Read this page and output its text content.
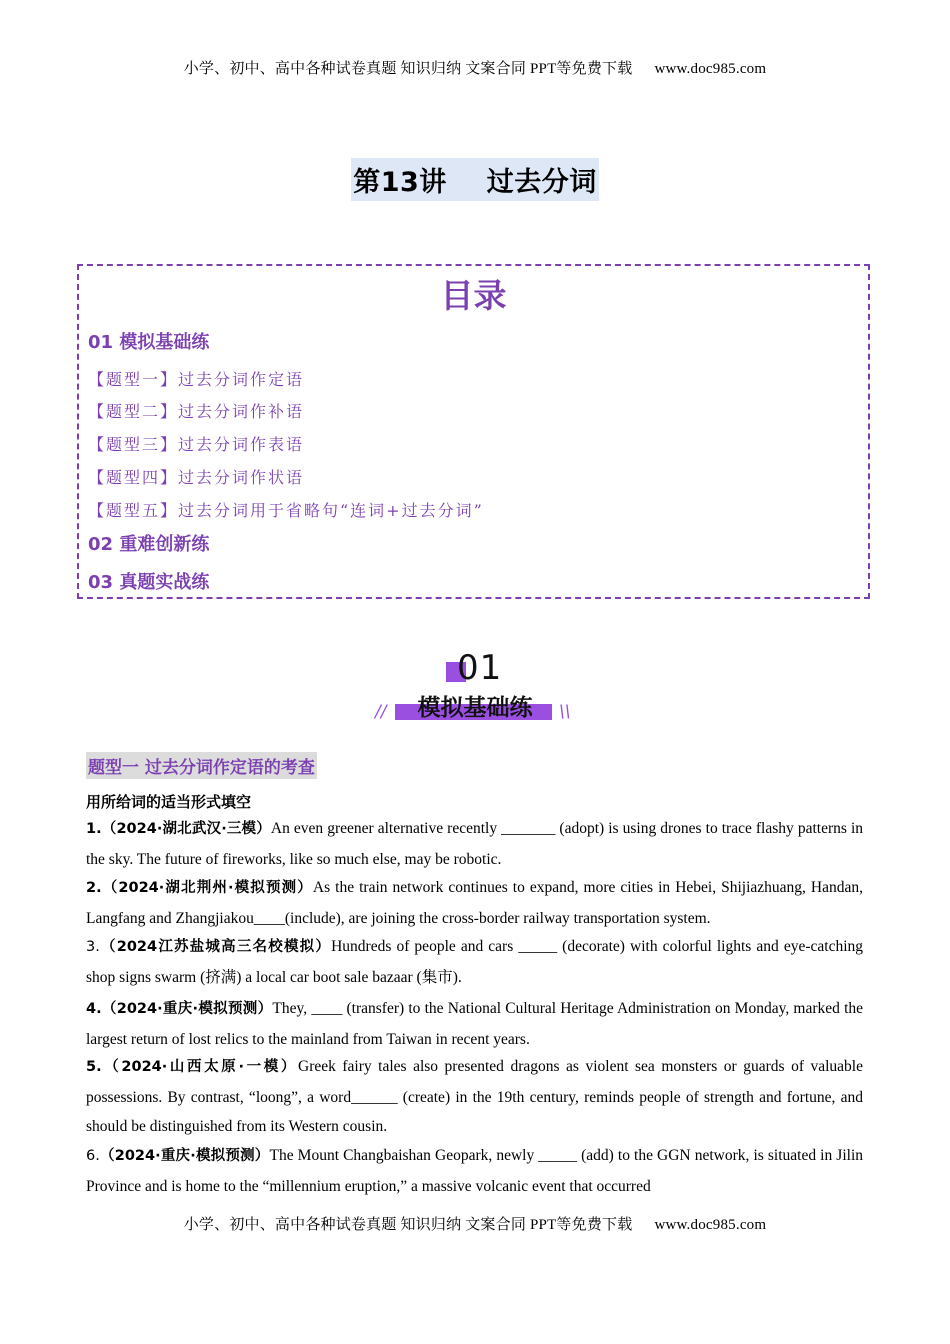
小学、初中、高中各种试卷真题 知识归纳 文案合同 PPT等免费下载 www.doc985.com
第13讲 过去分词
目录
01 模拟基础练
【题型一】过去分词作定语
【题型二】过去分词作补语
【题型三】过去分词作表语
【题型四】过去分词作状语
【题型五】过去分词用于省略句“连词+过去分词”
02 重难创新练
03 真题实战练
01
模拟基础练
//	\\
题型一 过去分词作定语的考查
用所给词的适当形式填空
1.（2024·湖北武汉·三模）An even greener alternative recently _______ (adopt) is using drones to trace flashy patterns in the sky. The future of fireworks, like so much else, may be robotic.
2.（2024·湖北荆州·模拟预测）As the train network continues to expand, more cities in Hebei, Shijiazhuang, Handan, Langfang and Zhangjiakou____(include), are joining the cross-border railway transportation system.
3.（2024江苏盐城高三名校模拟）Hundreds of people and cars _____ (decorate) with colorful lights and eye-catching shop signs swarm (挤满) a local car boot sale bazaar (集市).
4.（2024·重庆·模拟预测）They, ____ (transfer) to the National Cultural Heritage Administration on Monday, marked the largest return of lost relics to the mainland from Taiwan in recent years.
5.（2024·山西太原·一模）Greek fairy tales also presented dragons as violent sea monsters or guards of valuable possessions. By contrast, “loong”, a word______ (create) in the 19th century, reminds people of strength and fortune, and should be distinguished from its Western cousin.
6.（2024·重庆·模拟预测）The Mount Changbaishan Geopark, newly _____ (add) to the GGN network, is situated in Jilin Province and is home to the “millennium eruption,” a massive volcanic event that occurred
小学、初中、高中各种试卷真题 知识归纳 文案合同 PPT等免费下载 www.doc985.com
